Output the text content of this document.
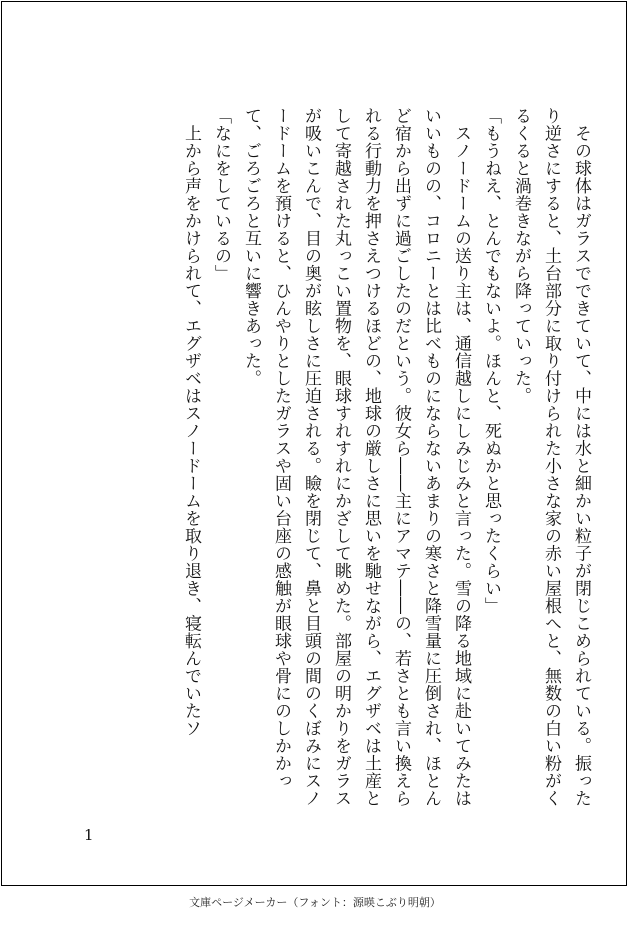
　その球体はガラスでできていて、中には水と細かい粒子が閉じこめられている。振ったり逆さにすると、土台部分に取り付けられた小さな家の赤い屋根へと、無数の白い粉がくるくると渦巻きながら降っていった。

「もうねえ、とんでもないよ。ほんと、死ぬかと思ったくらい」

　スノードームの送り主は、通信越しにしみじみと言った。雪の降る地域に赴いてみたはいいものの、コロニーとは比べものにならないあまりの寒さと降雪量に圧倒され、ほとんど宿から出ずに過ごしたのだという。彼女ら――主にアマテ――の、若さとも言い換えられる行動力を押さえつけるほどの、地球の厳しさに思いを馳せながら、エグザベは土産として寄越された丸っこい置物を、眼球すれすれにかざして眺めた。部屋の明かりをガラスが吸いこんで、目の奥が眩しさに圧迫される。瞼を閉じて、鼻と目頭の間のくぼみにスノードームを預けると、ひんやりとしたガラスや固い台座の感触が眼球や骨にのしかかって、ごろごろと互いに響きあった。

「なにをしているの」

　上から声をかけられて、エグザベはスノードームを取り退き、寝転んでいたソ

1
文庫ページメーカー（フォント：源暎こぶり明朝）
